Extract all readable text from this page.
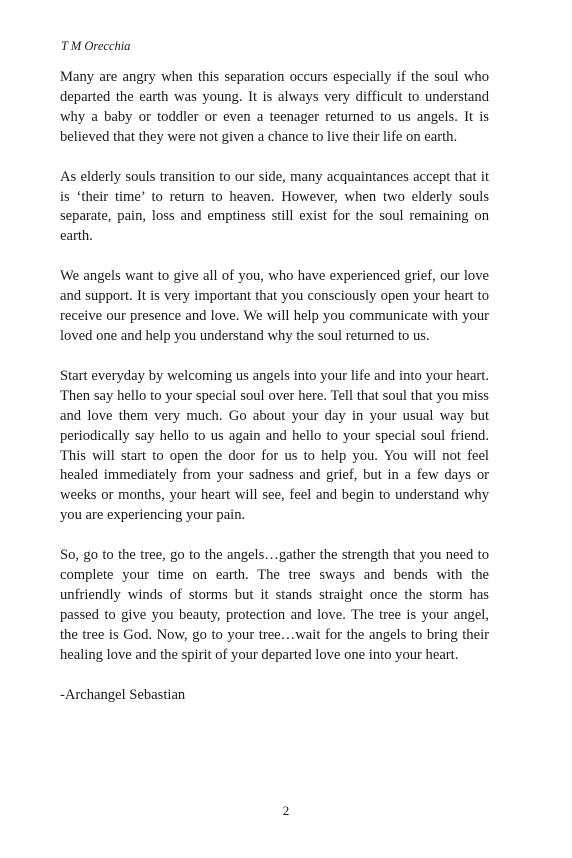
T M Orecchia

Many are angry when this separation occurs especially if the soul who departed the earth was young. It is always very difficult to understand why a baby or toddler or even a teenager returned to us angels. It is believed that they were not given a chance to live their life on earth.

As elderly souls transition to our side, many acquaintances accept that it is ‘their time’ to return to heaven. However, when two elderly souls separate, pain, loss and emptiness still exist for the soul remaining on earth.

We angels want to give all of you, who have experienced grief, our love and support. It is very important that you consciously open your heart to receive our presence and love. We will help you communicate with your loved one and help you understand why the soul returned to us.

Start everyday by welcoming us angels into your life and into your heart. Then say hello to your special soul over here. Tell that soul that you miss and love them very much. Go about your day in your usual way but periodically say hello to us again and hello to your special soul friend. This will start to open the door for us to help you. You will not feel healed immediately from your sadness and grief, but in a few days or weeks or months, your heart will see, feel and begin to understand why you are experiencing your pain.

So, go to the tree, go to the angels…gather the strength that you need to complete your time on earth. The tree sways and bends with the unfriendly winds of storms but it stands straight once the storm has passed to give you beauty, protection and love. The tree is your angel, the tree is God. Now, go to your tree…wait for the angels to bring their healing love and the spirit of your departed love one into your heart.

-Archangel Sebastian

2
